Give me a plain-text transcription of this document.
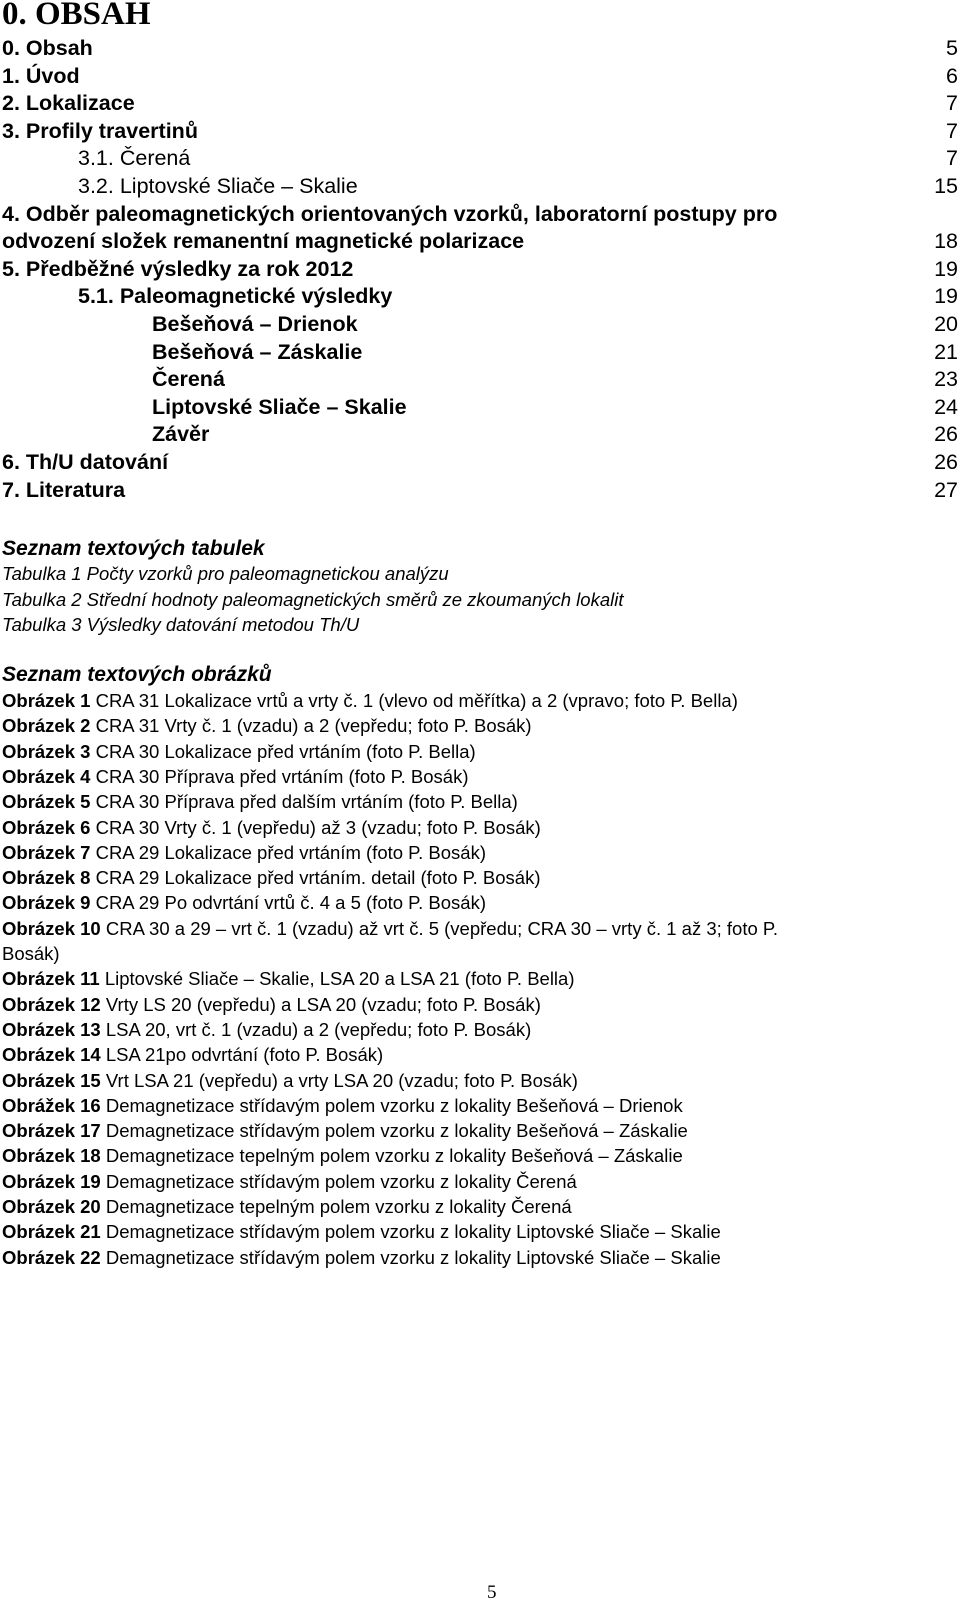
0. OBSAH
0. Obsah	5
1. Úvod	6
2. Lokalizace	7
3. Profily travertinů	7
3.1. Čerená	7
3.2. Liptovské Sliače – Skalie	15
4. Odběr paleomagnetických orientovaných vzorků, laboratorní postupy pro
odvození složek remanentní magnetické polarizace	18
5. Předběžné výsledky za rok 2012	19
5.1. Paleomagnetické výsledky	19
Bešeňová – Drienok	20
Bešeňová – Záskalie	21
Čerená	23
Liptovské Sliače – Skalie	24
Závěr	26
6. Th/U datování	26
7. Literatura	27
Seznam textových tabulek
Tabulka 1 Počty vzorků pro paleomagnetickou analýzu
Tabulka 2 Střední hodnoty paleomagnetických směrů ze zkoumaných lokalit
Tabulka 3 Výsledky datování metodou Th/U
Seznam textových obrázků
Obrázek 1 CRA 31 Lokalizace vrtů a vrty č. 1 (vlevo od měřítka) a 2 (vpravo; foto P. Bella)
Obrázek 2 CRA 31 Vrty č. 1 (vzadu) a 2 (vepředu; foto P. Bosák)
Obrázek 3 CRA 30 Lokalizace před vrtáním (foto P. Bella)
Obrázek 4 CRA 30 Příprava před vrtáním (foto P. Bosák)
Obrázek 5 CRA 30 Příprava před dalším vrtáním (foto P. Bella)
Obrázek 6 CRA 30 Vrty č. 1 (vepředu) až 3 (vzadu; foto P. Bosák)
Obrázek 7 CRA 29 Lokalizace před vrtáním (foto P. Bosák)
Obrázek 8 CRA 29 Lokalizace před vrtáním. detail (foto P. Bosák)
Obrázek 9 CRA 29 Po odvrtání vrtů č. 4 a 5 (foto P. Bosák)
Obrázek 10 CRA 30 a 29 – vrt č. 1 (vzadu) až vrt č. 5 (vepředu; CRA 30 – vrty č. 1 až 3; foto P.
Bosák)
Obrázek 11 Liptovské Sliače – Skalie, LSA 20 a LSA 21 (foto P. Bella)
Obrázek 12 Vrty LS 20 (vepředu) a LSA 20 (vzadu; foto P. Bosák)
Obrázek 13 LSA 20, vrt č. 1 (vzadu) a 2 (vepředu; foto P. Bosák)
Obrázek 14 LSA 21po odvrtání (foto P. Bosák)
Obrázek 15 Vrt LSA 21 (vepředu) a vrty LSA 20 (vzadu; foto P. Bosák)
Obrážek 16 Demagnetizace střídavým polem vzorku z lokality Bešeňová – Drienok
Obrázek 17 Demagnetizace střídavým polem vzorku z lokality Bešeňová – Záskalie
Obrázek 18 Demagnetizace tepelným polem vzorku z lokality Bešeňová – Záskalie
Obrázek 19 Demagnetizace střídavým polem vzorku z lokality Čerená
Obrázek 20 Demagnetizace tepelným polem vzorku z lokality Čerená
Obrázek 21 Demagnetizace střídavým polem vzorku z lokality Liptovské Sliače – Skalie
Obrázek 22 Demagnetizace střídavým polem vzorku z lokality Liptovské Sliače – Skalie
5
